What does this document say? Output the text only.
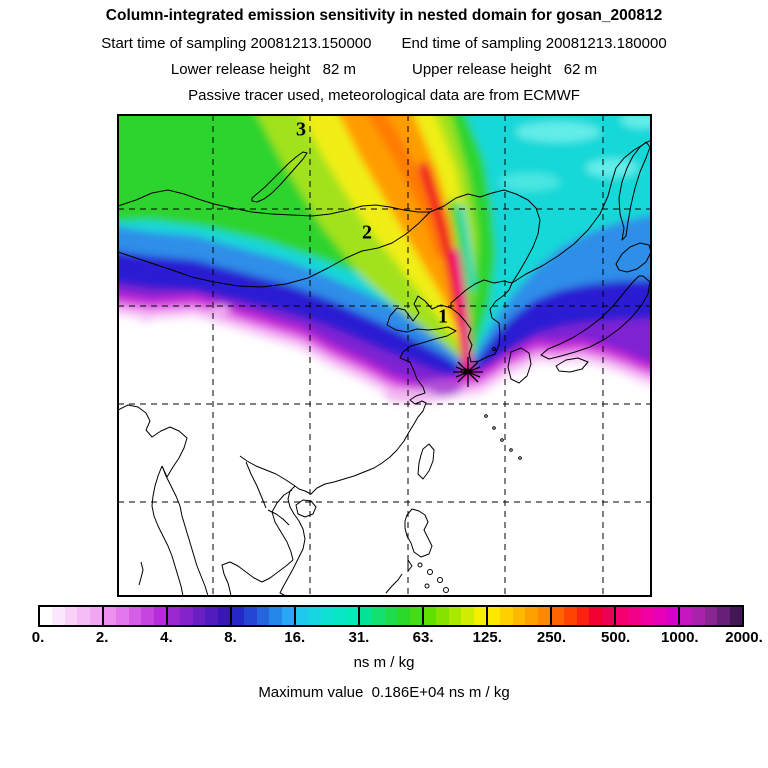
Column-integrated emission sensitivity in nested domain for gosan_200812
Start time of sampling 20081213.150000 End time of sampling 20081213.180000
Lower release height   82 m	Upper release height   62 m
Passive tracer used, meteorological data are from ECMWF
1
2
3
0.	2.	4.	8.	16.	31.	63.	125. 250. 500. 1000. 2000.
ns m / kg
Maximum value  0.186E+04 ns m / kg
